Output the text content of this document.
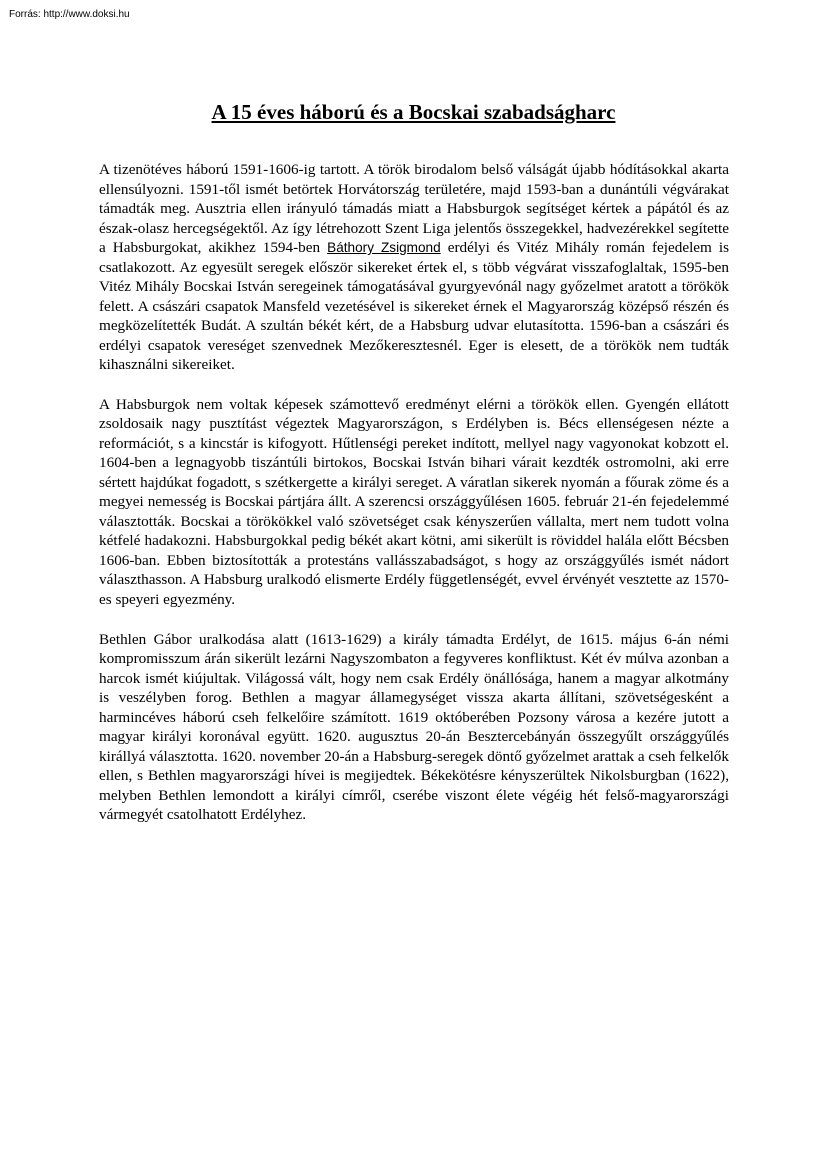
Forrás: http://www.doksi.hu

A 15 éves háború és a Bocskai szabadságharc

A tizenötéves háború 1591-1606-ig tartott. A török birodalom belső válságát újabb hódításokkal akarta ellensúlyozni. 1591-től ismét betörtek Horvátország területére, majd 1593-ban a dunántúli végvárakat támadták meg. Ausztria ellen irányuló támadás miatt a Habsburgok segítséget kértek a pápától és az észak-olasz hercegségektől. Az így létrehozott Szent Liga jelentős összegekkel, hadvezérekkel segítette a Habsburgokat, akikhez 1594-ben Báthory Zsigmond erdélyi és Vitéz Mihály román fejedelem is csatlakozott. Az egyesült seregek először sikereket értek el, s több végvárat visszafoglaltak, 1595-ben Vitéz Mihály Bocskai István seregeinek támogatásával gyurgyevónál nagy győzelmet aratott a törökök felett. A császári csapatok Mansfeld vezetésével is sikereket érnek el Magyarország középső részén és megközelítették Budát. A szultán békét kért, de a Habsburg udvar elutasította. 1596-ban a császári és erdélyi csapatok vereséget szenvednek Mezőkeresztesnél. Eger is elesett, de a törökök nem tudták kihasználni sikereiket.

A Habsburgok nem voltak képesek számottevő eredményt elérni a törökök ellen. Gyengén ellátott zsoldosaik nagy pusztítást végeztek Magyarországon, s Erdélyben is. Bécs ellenségesen nézte a reformációt, s a kincstár is kifogyott. Hűtlenségi pereket indított, mellyel nagy vagyonokat kobzott el. 1604-ben a legnagyobb tiszántúli birtokos, Bocskai István bihari várait kezdték ostromolni, aki erre sértett hajdúkat fogadott, s szétkergette a királyi sereget. A váratlan sikerek nyomán a főurak zöme és a megyei nemesség is Bocskai pártjára állt. A szerencsi országgyűlésen 1605. február 21-én fejedelemmé választották. Bocskai a törökökkel való szövetséget csak kényszerűen vállalta, mert nem tudott volna kétfelé hadakozni. Habsburgokkal pedig békét akart kötni, ami sikerült is röviddel halála előtt Bécsben 1606-ban. Ebben biztosították a protestáns vallásszabadságot, s hogy az országgyűlés ismét nádort választhasson. A Habsburg uralkodó elismerte Erdély függetlenségét, evvel érvényét vesztette az 1570-es speyeri egyezmény.

Bethlen Gábor uralkodása alatt (1613-1629) a király támadta Erdélyt, de 1615. május 6-án némi kompromisszum árán sikerült lezárni Nagyszombaton a fegyveres konfliktust. Két év múlva azonban a harcok ismét kiújultak. Világossá vált, hogy nem csak Erdély önállósága, hanem a magyar alkotmány is veszélyben forog. Bethlen a magyar államegységet vissza akarta állítani, szövetségesként a harmincéves háború cseh felkelőire számított. 1619 októberében Pozsony városa a kezére jutott a magyar királyi koronával együtt. 1620. augusztus 20-án Besztercebányán összegyűlt országgyűlés királlyá választotta. 1620. november 20-án a Habsburg-seregek döntő győzelmet arattak a cseh felkelők ellen, s Bethlen magyarországi hívei is megijedtek. Békekötésre kényszerültek Nikolsburgban (1622), melyben Bethlen lemondott a királyi címről, cserébe viszont élete végéig hét felső-magyarországi vármegyét csatolhatott Erdélyhez.
